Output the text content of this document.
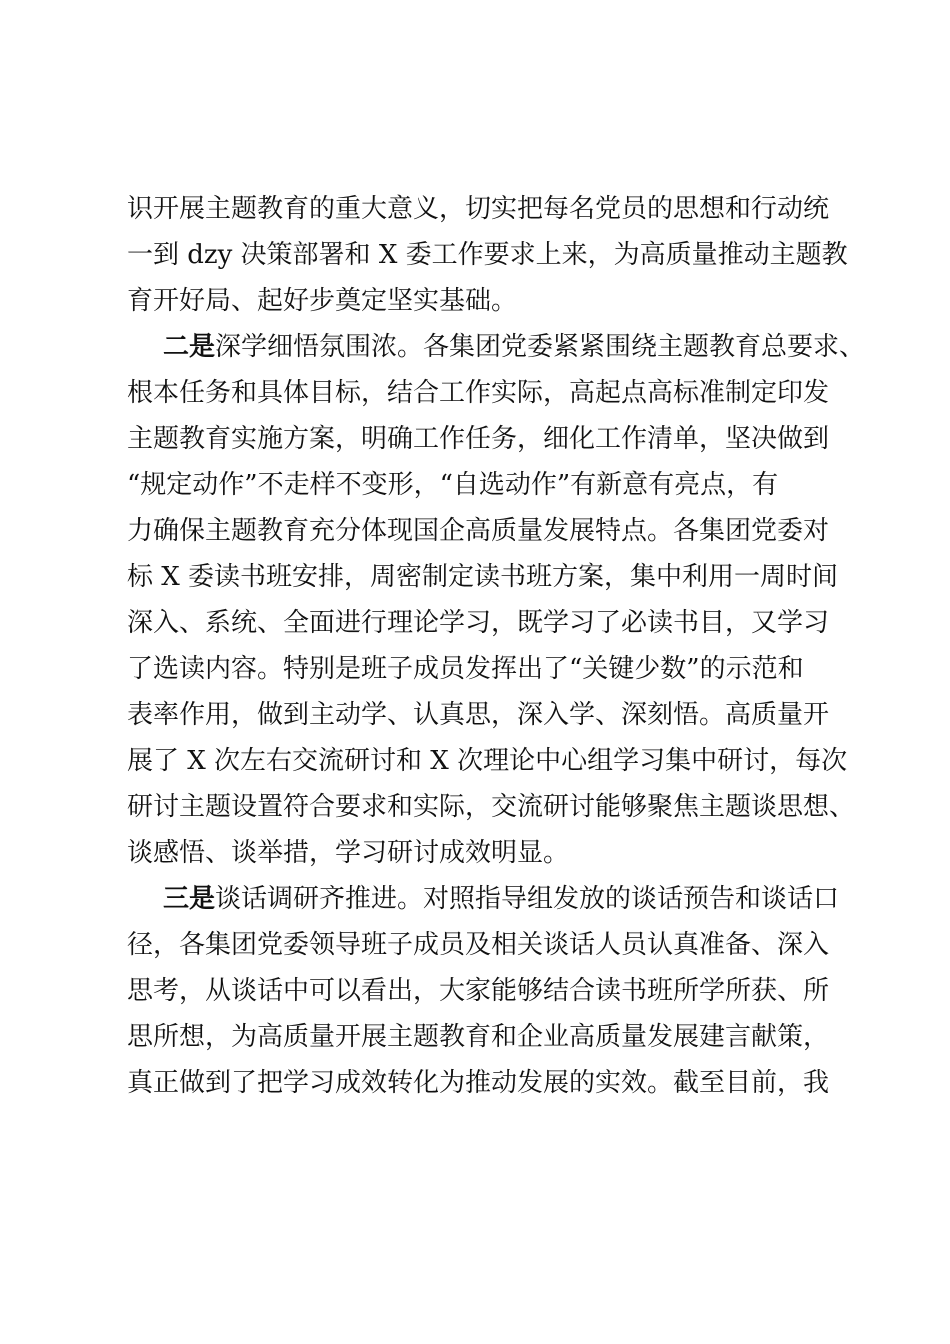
识开展主题教育的重大意义，切实把每名党员的思想和行动统
一到 dzy 决策部署和 X 委工作要求上来，为高质量推动主题教
育开好局、起好步奠定坚实基础。
二是深学细悟氛围浓。各集团党委紧紧围绕主题教育总要求、
根本任务和具体目标，结合工作实际，高起点高标准制定印发
主题教育实施方案，明确工作任务，细化工作清单，坚决做到
“规定动作”不走样不变形，“自选动作”有新意有亮点，有
力确保主题教育充分体现国企高质量发展特点。各集团党委对
标 X 委读书班安排，周密制定读书班方案，集中利用一周时间
深入、系统、全面进行理论学习，既学习了必读书目，又学习
了选读内容。特别是班子成员发挥出了“关键少数”的示范和
表率作用，做到主动学、认真思，深入学、深刻悟。高质量开
展了 X 次左右交流研讨和 X 次理论中心组学习集中研讨，每次
研讨主题设置符合要求和实际，交流研讨能够聚焦主题谈思想、
谈感悟、谈举措，学习研讨成效明显。
三是谈话调研齐推进。对照指导组发放的谈话预告和谈话口
径，各集团党委领导班子成员及相关谈话人员认真准备、深入
思考，从谈话中可以看出，大家能够结合读书班所学所获、所
思所想，为高质量开展主题教育和企业高质量发展建言献策，
真正做到了把学习成效转化为推动发展的实效。截至目前，我
